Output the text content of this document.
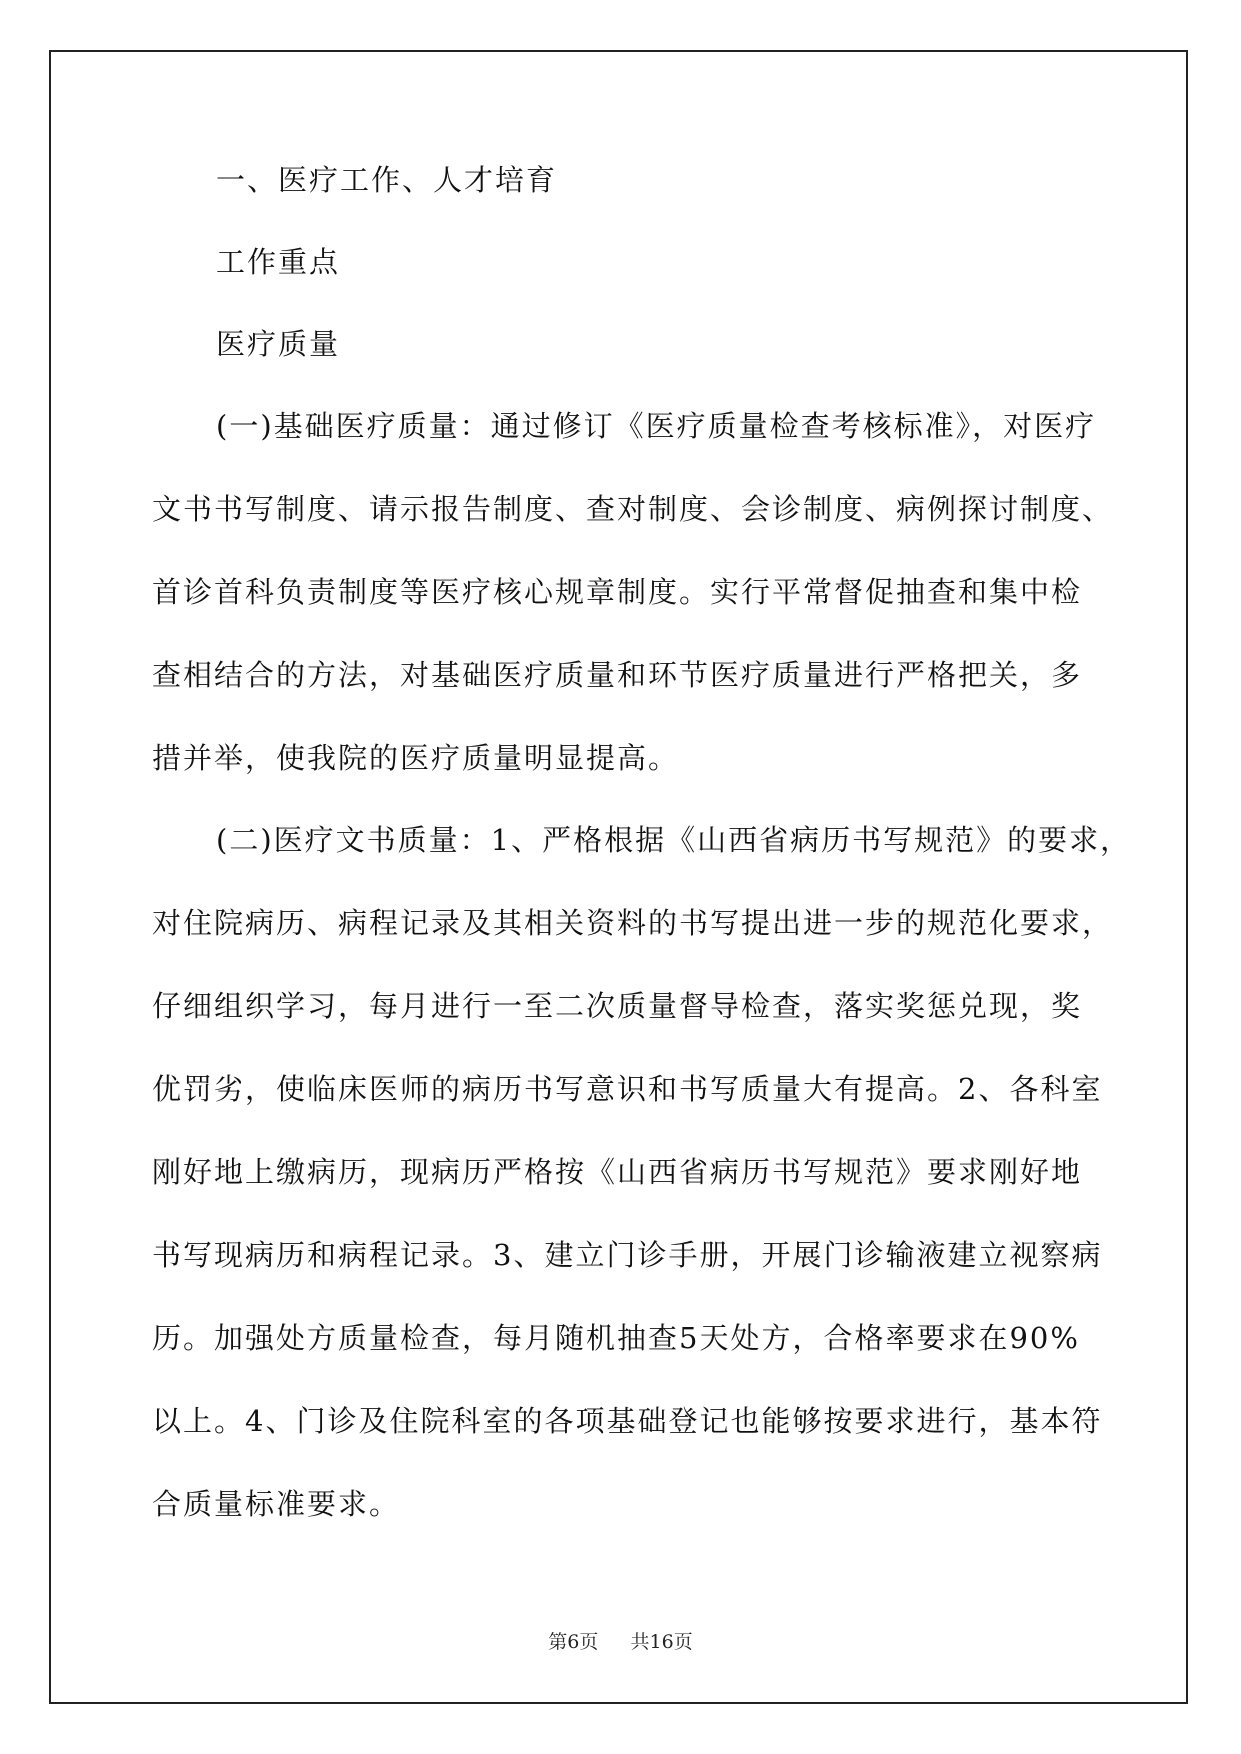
一、医疗工作、人才培育

工作重点

医疗质量

(一)基础医疗质量：通过修订《医疗质量检查考核标准》，对医疗
文书书写制度、请示报告制度、查对制度、会诊制度、病例探讨制度、
首诊首科负责制度等医疗核心规章制度。实行平常督促抽查和集中检
查相结合的方法，对基础医疗质量和环节医疗质量进行严格把关，多
措并举，使我院的医疗质量明显提高。
(二)医疗文书质量：1、严格根据《山西省病历书写规范》的要求，
对住院病历、病程记录及其相关资料的书写提出进一步的规范化要求，
仔细组织学习，每月进行一至二次质量督导检查，落实奖惩兑现，奖
优罚劣，使临床医师的病历书写意识和书写质量大有提高。2、各科室
刚好地上缴病历，现病历严格按《山西省病历书写规范》要求刚好地
书写现病历和病程记录。3、建立门诊手册，开展门诊输液建立视察病
历。加强处方质量检查，每月随机抽查5天处方，合格率要求在90%
以上。4、门诊及住院科室的各项基础登记也能够按要求进行，基本符
合质量标准要求。
第6页 共16页
